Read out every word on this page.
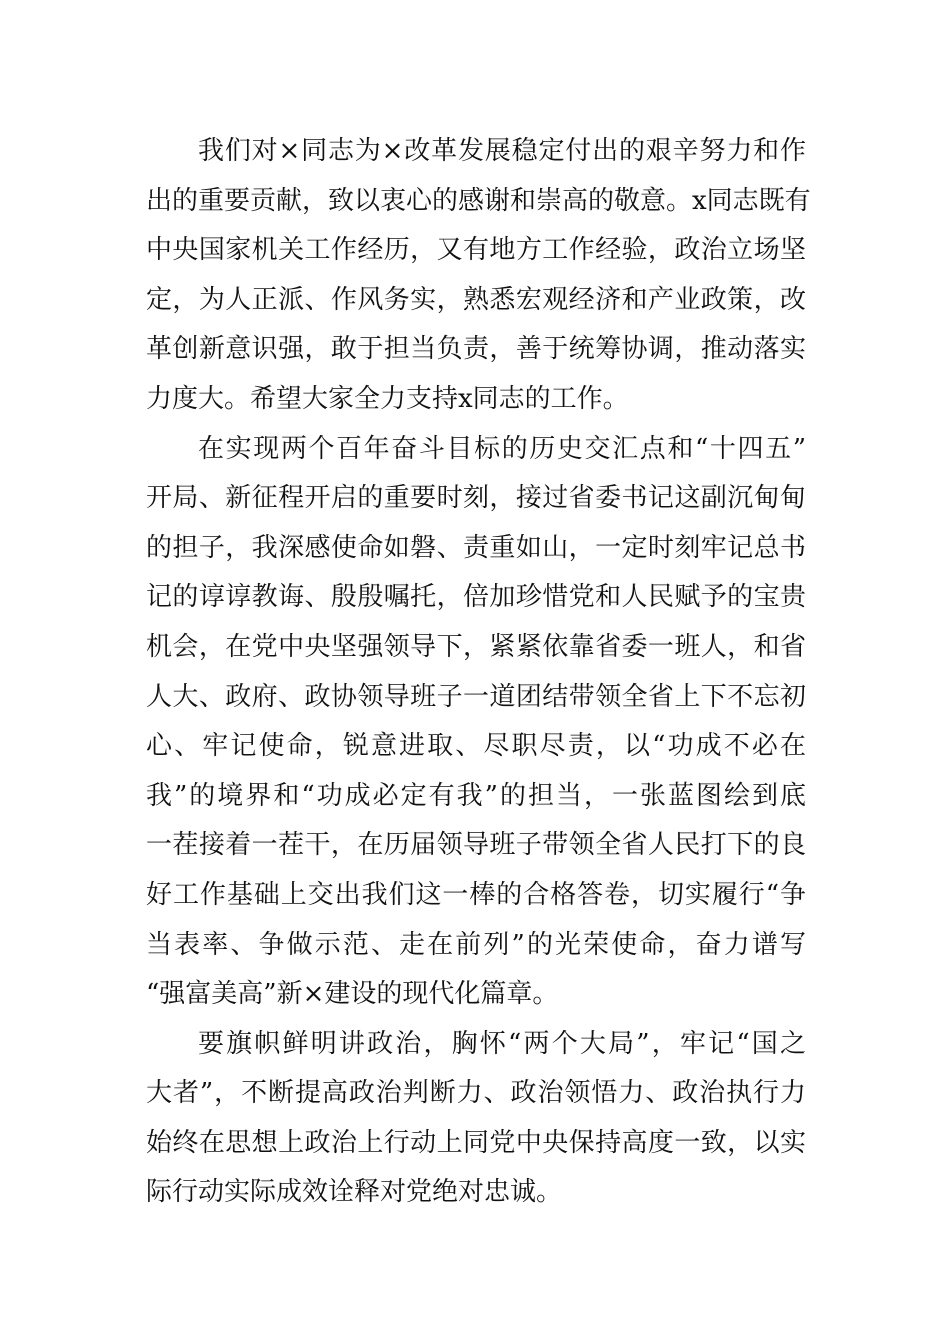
我们对×同志为×改革发展稳定付出的艰辛努力和作
出的重要贡献，致以衷心的感谢和崇高的敬意。x同志既有
中央国家机关工作经历，又有地方工作经验，政治立场坚
定，为人正派、作风务实，熟悉宏观经济和产业政策，改
革创新意识强，敢于担当负责，善于统筹协调，推动落实
力度大。希望大家全力支持x同志的工作。
在实现两个百年奋斗目标的历史交汇点和“十四五”
开局、新征程开启的重要时刻，接过省委书记这副沉甸甸
的担子，我深感使命如磐、责重如山，一定时刻牢记总书
记的谆谆教诲、殷殷嘱托，倍加珍惜党和人民赋予的宝贵
机会，在党中央坚强领导下，紧紧依靠省委一班人，和省
人大、政府、政协领导班子一道团结带领全省上下不忘初
心、牢记使命，锐意进取、尽职尽责，以“功成不必在
我”的境界和“功成必定有我”的担当，一张蓝图绘到底
一茬接着一茬干，在历届领导班子带领全省人民打下的良
好工作基础上交出我们这一棒的合格答卷，切实履行“争
当表率、争做示范、走在前列”的光荣使命，奋力谱写
“强富美高”新×建设的现代化篇章。
要旗帜鲜明讲政治，胸怀“两个大局”，牢记“国之
大者”，不断提高政治判断力、政治领悟力、政治执行力
始终在思想上政治上行动上同党中央保持高度一致，以实
际行动实际成效诠释对党绝对忠诚。
